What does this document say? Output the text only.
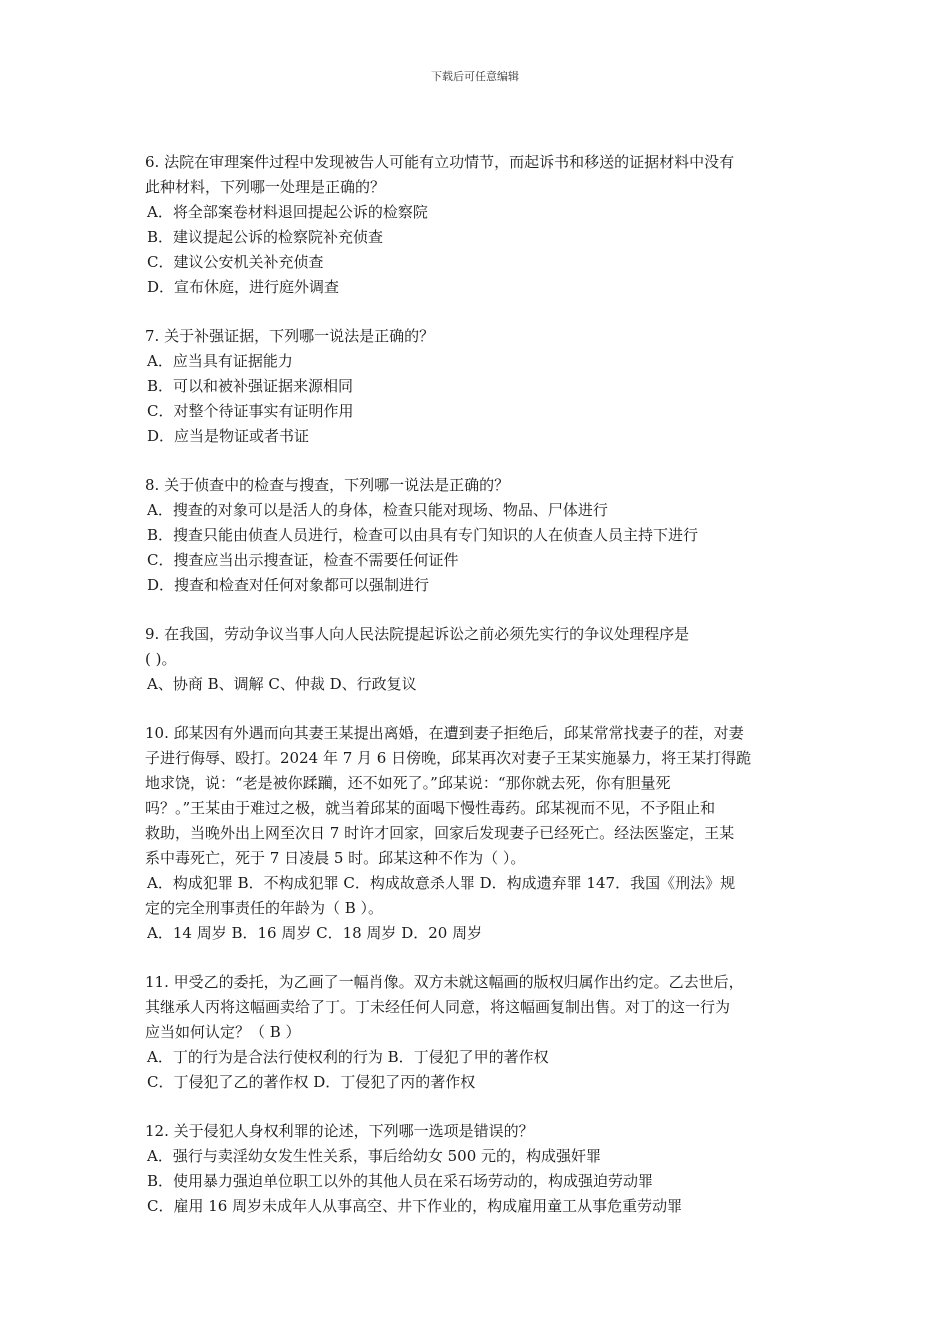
下载后可任意编辑

6. 法院在审理案件过程中发现被告人可能有立功情节，而起诉书和移送的证据材料中没有
此种材料，下列哪一处理是正确的？

A．将全部案卷材料退回提起公诉的检察院
B．建议提起公诉的检察院补充侦查
C．建议公安机关补充侦查
D．宣布休庭，进行庭外调查

7. 关于补强证据，下列哪一说法是正确的？

A．应当具有证据能力
B．可以和被补强证据来源相同
C．对整个待证事实有证明作用
D．应当是物证或者书证

8. 关于侦查中的检查与搜查，下列哪一说法是正确的？

A．搜查的对象可以是活人的身体，检查只能对现场、物品、尸体进行
B．搜查只能由侦查人员进行，检查可以由具有专门知识的人在侦查人员主持下进行
C．搜查应当出示搜查证，检查不需要任何证件
D．搜查和检查对任何对象都可以强制进行

9. 在我国，劳动争议当事人向人民法院提起诉讼之前必须先实行的争议处理程序是
( )。

A、协商 B、调解 C、仲裁 D、行政复议

10. 邱某因有外遇而向其妻王某提出离婚，在遭到妻子拒绝后，邱某常常找妻子的茬，对妻
子进行侮辱、殴打。2024 年 7 月 6 日傍晚，邱某再次对妻子王某实施暴力，将王某打得跪
地求饶，说：“老是被你蹂躏，还不如死了。”邱某说：“那你就去死，你有胆量死
吗？。”王某由于难过之极，就当着邱某的面喝下慢性毒药。邱某视而不见，不予阻止和
救助，当晚外出上网至次日 7 时许才回家，回家后发现妻子已经死亡。经法医鉴定，王某
系中毒死亡，死于 7 日凌晨 5 时。邱某这种不作为（ ）。

A．构成犯罪 B．不构成犯罪 C．构成故意杀人罪 D．构成遗弃罪 147．我国《刑法》规
定的完全刑事责任的年龄为（ B ）。
A．14 周岁 B．16 周岁 C．18 周岁 D．20 周岁

11. 甲受乙的委托，为乙画了一幅肖像。双方未就这幅画的版权归属作出约定。乙去世后，
其继承人丙将这幅画卖给了丁。丁未经任何人同意，将这幅画复制出售。对丁的这一行为
应当如何认定？（ B ）

A．丁的行为是合法行使权利的行为 B．丁侵犯了甲的著作权
C．丁侵犯了乙的著作权 D．丁侵犯了丙的著作权

12. 关于侵犯人身权利罪的论述，下列哪一选项是错误的？

A．强行与卖淫幼女发生性关系，事后给幼女 500 元的，构成强奸罪
B．使用暴力强迫单位职工以外的其他人员在采石场劳动的，构成强迫劳动罪
C．雇用 16 周岁未成年人从事高空、井下作业的，构成雇用童工从事危重劳动罪
